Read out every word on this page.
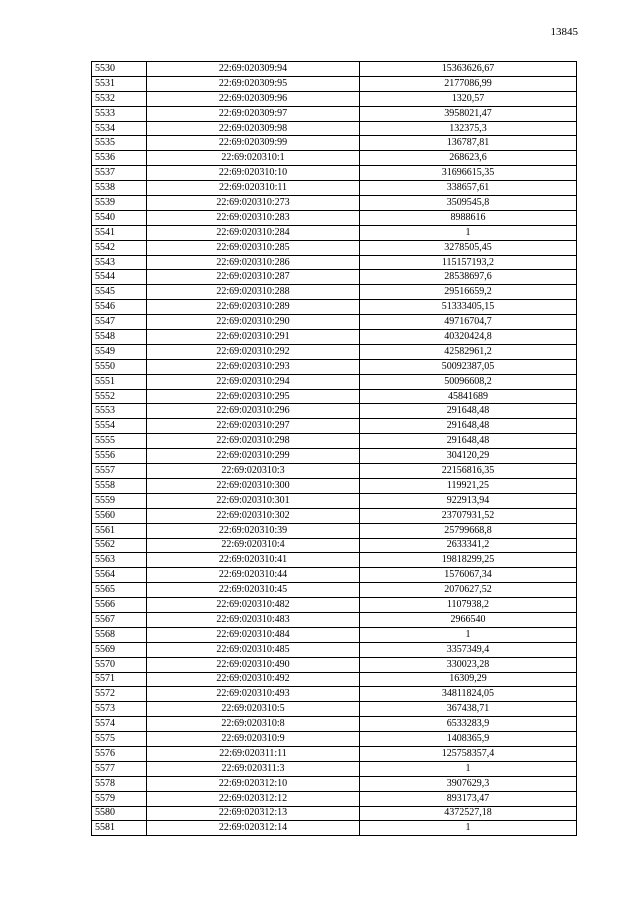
13845
5530	22:69:020309:94	15363626,67
5531	22:69:020309:95	2177086,99
5532	22:69:020309:96	1320,57
5533	22:69:020309:97	3958021,47
5534	22:69:020309:98	132375,3
5535	22:69:020309:99	136787,81
5536	22:69:020310:1	268623,6
5537	22:69:020310:10	31696615,35
5538	22:69:020310:11	338657,61
5539	22:69:020310:273	3509545,8
5540	22:69:020310:283	8988616
5541	22:69:020310:284	1
5542	22:69:020310:285	3278505,45
5543	22:69:020310:286	115157193,2
5544	22:69:020310:287	28538697,6
5545	22:69:020310:288	29516659,2
5546	22:69:020310:289	51333405,15
5547	22:69:020310:290	49716704,7
5548	22:69:020310:291	40320424,8
5549	22:69:020310:292	42582961,2
5550	22:69:020310:293	50092387,05
5551	22:69:020310:294	50096608,2
5552	22:69:020310:295	45841689
5553	22:69:020310:296	291648,48
5554	22:69:020310:297	291648,48
5555	22:69:020310:298	291648,48
5556	22:69:020310:299	304120,29
5557	22:69:020310:3	22156816,35
5558	22:69:020310:300	119921,25
5559	22:69:020310:301	922913,94
5560	22:69:020310:302	23707931,52
5561	22:69:020310:39	25799668,8
5562	22:69:020310:4	2633341,2
5563	22:69:020310:41	19818299,25
5564	22:69:020310:44	1576067,34
5565	22:69:020310:45	2070627,52
5566	22:69:020310:482	1107938,2
5567	22:69:020310:483	2966540
5568	22:69:020310:484	1
5569	22:69:020310:485	3357349,4
5570	22:69:020310:490	330023,28
5571	22:69:020310:492	16309,29
5572	22:69:020310:493	34811824,05
5573	22:69:020310:5	367438,71
5574	22:69:020310:8	6533283,9
5575	22:69:020310:9	1408365,9
5576	22:69:020311:11	125758357,4
5577	22:69:020311:3	1
5578	22:69:020312:10	3907629,3
5579	22:69:020312:12	893173,47
5580	22:69:020312:13	4372527,18
5581	22:69:020312:14	1
